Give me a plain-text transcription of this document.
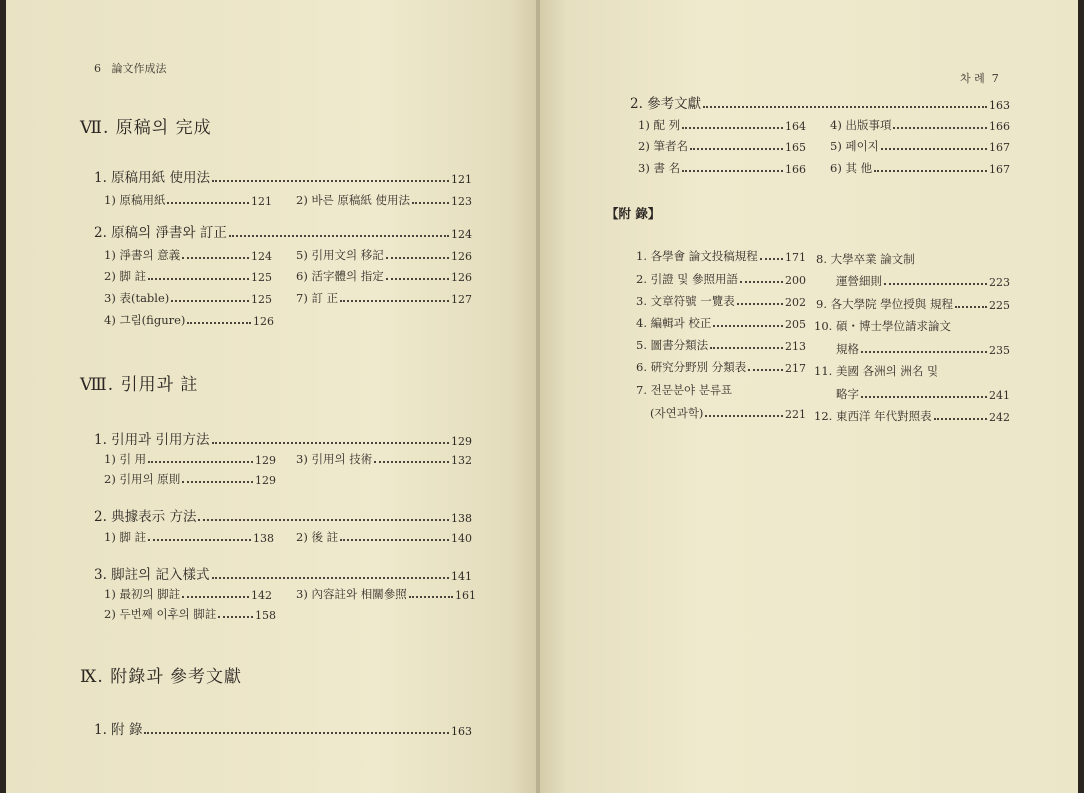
6 論文作成法
Ⅶ. 原稿의 完成
1. 原稿用紙 使用法	121
1) 原稿用紙	121 2) 바른 原稿紙 使用法	123
2. 原稿의 淨書와 訂正	124
1) 淨書의 意義	124 5) 引用文의 移記	126
2) 脚 註	125 6) 活字體의 指定	126
3) 表(table)	125 7) 訂 正	127
4) 그림(figure)	126
Ⅷ. 引用과 註
1. 引用과 引用方法	129
1) 引 用	129 3) 引用의 技術	132
2) 引用의 原則	129
2. 典據表示 方法	138
1) 脚 註	138 2) 後 註	140
3. 脚註의 記入樣式	141
1) 最初의 脚註	142 3) 內容註와 相關參照	161
2) 두번째 이후의 脚註	158
Ⅸ. 附錄과 參考文獻
1. 附 錄	163
차 례 7
2. 參考文獻	163
1) 配 列	164 4) 出版事項	166
2) 筆者名	165 5) 페이지	167
3) 書 名	166 6) 其 他	167
【附 錄】
1. 各學會 論文投稿規程 171
2. 引證 및 參照用語	200
3. 文章符號 一覽表	202
4. 編輯과 校正	205
5. 圖書分類法	213
6. 硏究分野別 分類表	217
7. 전문분야 분류표
(자연과학)	221
8. 大學卒業 論文制
運營細則	223
9. 各大學院 學位授與 規程	225
10. 碩・博士學位請求論文
規格	235
11. 美國 各洲의 洲名 및
略字	241
12. 東西洋 年代對照表	242
